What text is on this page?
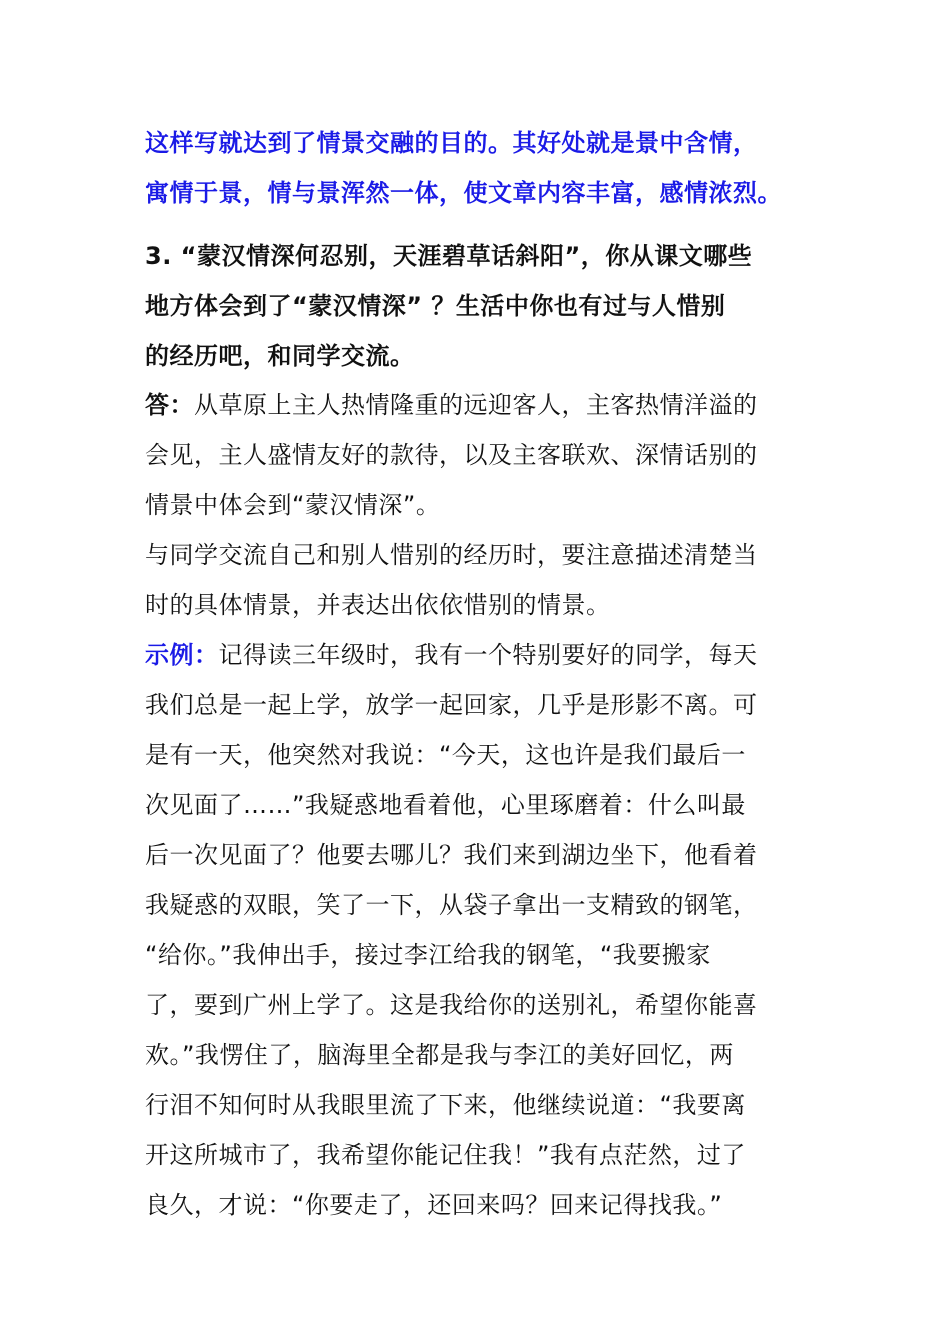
这样写就达到了情景交融的目的。其好处就是景中含情，
寓情于景，情与景浑然一体，使文章内容丰富，感情浓烈。
3. “蒙汉情深何忍别，天涯碧草话斜阳”，你从课文哪些
地方体会到了“蒙汉情深” ？生活中你也有过与人惜别
的经历吧，和同学交流。
答：从草原上主人热情隆重的远迎客人，主客热情洋溢的
会见，主人盛情友好的款待，以及主客联欢、深情话别的
情景中体会到“蒙汉情深”。
与同学交流自己和别人惜别的经历时，要注意描述清楚当
时的具体情景，并表达出依依惜别的情景。
示例：记得读三年级时，我有一个特别要好的同学，每天
我们总是一起上学，放学一起回家，几乎是形影不离。可
是有一天，他突然对我说：“今天，这也许是我们最后一
次见面了……”我疑惑地看着他，心里琢磨着：什么叫最
后一次见面了？他要去哪儿？我们来到湖边坐下，他看着
我疑惑的双眼，笑了一下，从袋子拿出一支精致的钢笔，
“给你。”我伸出手，接过李江给我的钢笔，“我要搬家
了，要到广州上学了。这是我给你的送别礼，希望你能喜
欢。”我愣住了，脑海里全都是我与李江的美好回忆，两
行泪不知何时从我眼里流了下来，他继续说道：“我要离
开这所城市了，我希望你能记住我！”我有点茫然，过了
良久，才说：“你要走了，还回来吗？回来记得找我。”
